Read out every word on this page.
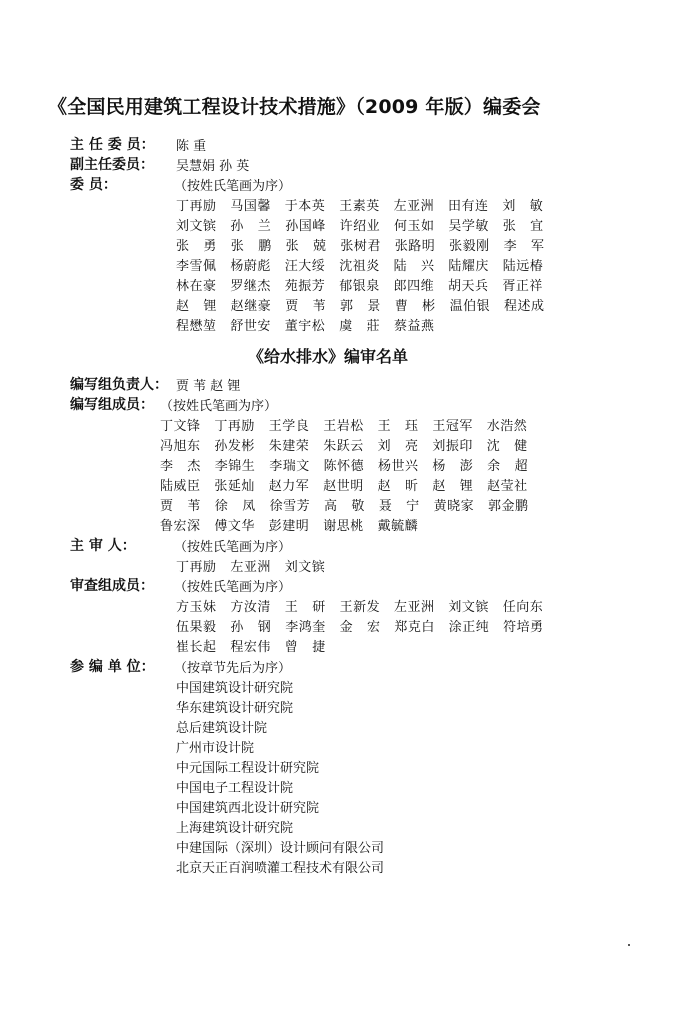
《全国民用建筑工程设计技术措施》（2009 年版）编委会
主 任 委 员： 陈 重
副主任委员： 吴慧娟 孙 英
委 员：	（按姓氏笔画为序）
丁再励   马国馨   于本英   王素英   左亚洲   田有连   刘   敏
刘文镔   孙   兰   孙国峰   许绍业   何玉如   吴学敏   张   宜
张   勇   张   鹏   张   兢   张树君   张路明   张毅刚   李   军
李雪佩   杨蔚彪   汪大绥   沈祖炎   陆   兴   陆耀庆   陆远椿
林在豪   罗继杰   苑振芳   郁银泉   郎四维   胡天兵   胥正祥
赵   锂   赵继豪   贾   苇   郭   景   曹   彬   温伯银   程述成
程懋堃   舒世安   董宇松   虞   莊   蔡益燕
《给水排水》编审名单
编写组负责人： 贾 苇 赵 锂
编写组成员： （按姓氏笔画为序）
丁文锋   丁再励   王学良   王岩松   王   珏   王冠军   水浩然
冯旭东   孙发彬   朱建荣   朱跃云   刘   亮   刘振印   沈   健
李   杰   李锦生   李瑞文   陈怀德   杨世兴   杨   澎   余   超
陆威臣   张延灿   赵力军   赵世明   赵   昕   赵   锂   赵莹社
贾   苇   徐   凤   徐雪芳   高   敬   聂   宁   黄晓家   郭金鹏
鲁宏深   傅文华   彭建明   谢思桃   戴毓麟
主 审 人：	（按姓氏笔画为序）
丁再励   左亚洲   刘文镔
审查组成员： （按姓氏笔画为序）
方玉妹   方汝清   王   研   王新发   左亚洲   刘文镔   任向东
伍果毅   孙   钢   李鸿奎   金   宏   郑克白   涂正纯   符培勇
崔长起   程宏伟   曾   捷
参 编 单 位： （按章节先后为序）
中国建筑设计研究院
华东建筑设计研究院
总后建筑设计院
广州市设计院
中元国际工程设计研究院
中国电子工程设计院
中国建筑西北设计研究院
上海建筑设计研究院
中建国际（深圳）设计顾问有限公司
北京天正百润喷灌工程技术有限公司
